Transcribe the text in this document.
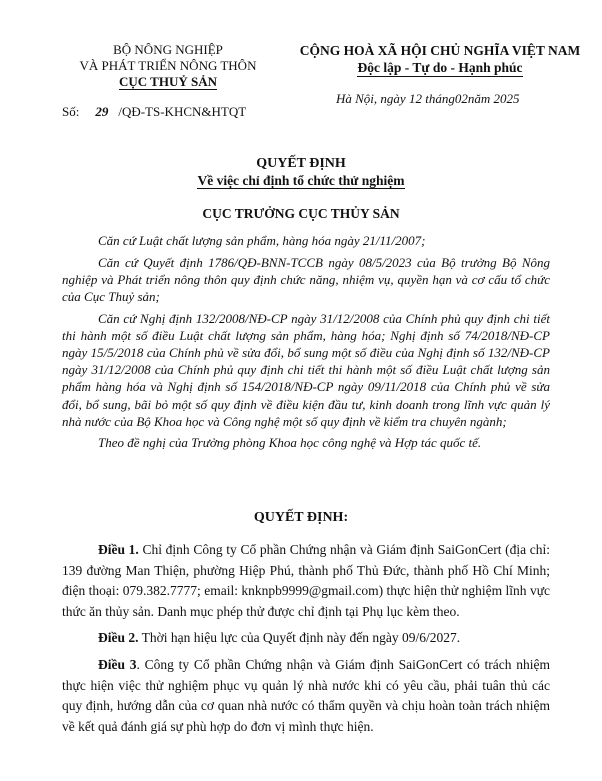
BỘ NÔNG NGHIỆP
VÀ PHÁT TRIỂN NÔNG THÔN
CỤC THUỶ SẢN
CỘNG HOÀ XÃ HỘI CHỦ NGHĨA VIỆT NAM
Độc lập - Tự do - Hạnh phúc
Số: 29 /QĐ-TS-KHCN&HTQT
Hà Nội, ngày 12 tháng02năm 2025
QUYẾT ĐỊNH
Về việc chỉ định tổ chức thử nghiệm
CỤC TRƯỞNG CỤC THỦY SẢN

Căn cứ Luật chất lượng sản phẩm, hàng hóa ngày 21/11/2007;

Căn cứ Quyết định 1786/QĐ-BNN-TCCB ngày 08/5/2023 của Bộ trưởng Bộ Nông nghiệp và Phát triển nông thôn quy định chức năng, nhiệm vụ, quyền hạn và cơ cấu tổ chức của Cục Thuỷ sản;

Căn cứ Nghị định 132/2008/NĐ-CP ngày 31/12/2008 của Chính phủ quy định chi tiết thi hành một số điều Luật chất lượng sản phẩm, hàng hóa; Nghị định số 74/2018/NĐ-CP ngày 15/5/2018 của Chính phủ về sửa đổi, bổ sung một số điều của Nghị định số 132/NĐ-CP ngày 31/12/2008 của Chính phủ quy định chi tiết thi hành một số điều Luật chất lượng sản phẩm hàng hóa và Nghị định số 154/2018/NĐ-CP ngày 09/11/2018 của Chính phủ về sửa đổi, bổ sung, bãi bỏ một số quy định về điều kiện đầu tư, kinh doanh trong lĩnh vực quản lý nhà nước của Bộ Khoa học và Công nghệ một số quy định về kiểm tra chuyên ngành;

Theo đề nghị của Trưởng phòng Khoa học công nghệ và Hợp tác quốc tế.

QUYẾT ĐỊNH:

Điều 1. Chỉ định Công ty Cổ phần Chứng nhận và Giám định SaiGonCert (địa chỉ: 139 đường Man Thiện, phường Hiệp Phú, thành phố Thủ Đức, thành phố Hồ Chí Minh; điện thoại: 079.382.7777; email: knknpb9999@gmail.com) thực hiện thử nghiệm lĩnh vực thức ăn thủy sản. Danh mục phép thử được chỉ định tại Phụ lục kèm theo.

Điều 2. Thời hạn hiệu lực của Quyết định này đến ngày 09/6/2027.

Điều 3. Công ty Cổ phần Chứng nhận và Giám định SaiGonCert có trách nhiệm thực hiện việc thử nghiệm phục vụ quản lý nhà nước khi có yêu cầu, phải tuân thủ các quy định, hướng dẫn của cơ quan nhà nước có thẩm quyền và chịu hoàn toàn trách nhiệm về kết quả đánh giá sự phù hợp do đơn vị mình thực hiện.
